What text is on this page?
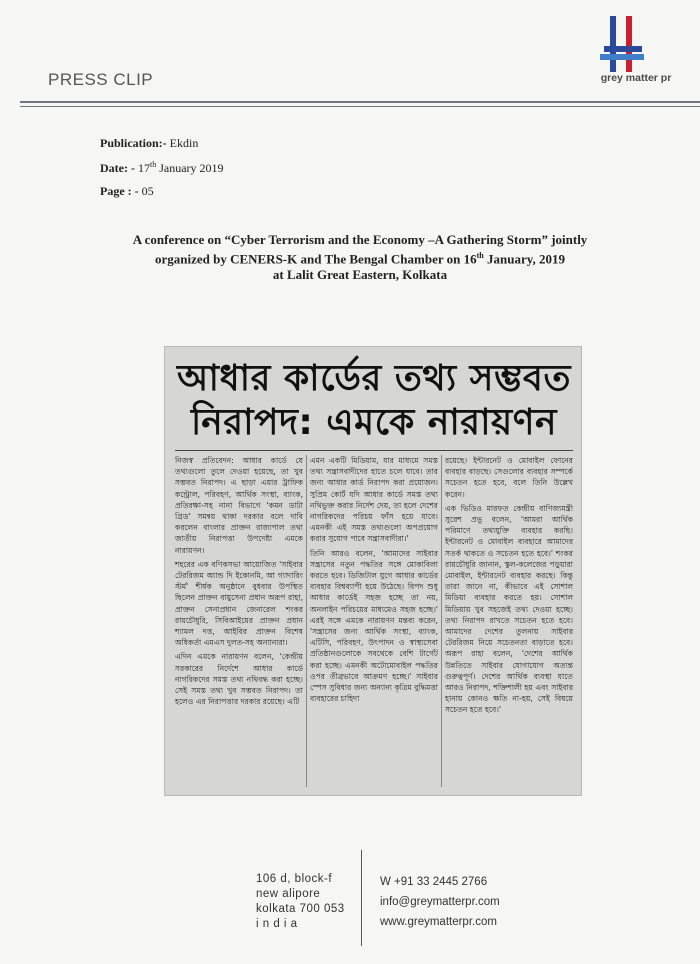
PRESS CLIP	grey matter pr
Publication:- Ekdin
Date: - 17th January 2019
Page : - 05
A conference on “Cyber Terrorism and the Economy –A Gathering Storm” jointly
organized by CENERS-K and The Bengal Chamber on 16th January, 2019
at Lalit Great Eastern, Kolkata
আধার কার্ডের তথ্য সম্ভবত
নিরাপদ: এমকে নারায়ণন

নিজস্ব প্রতিবেদন: আধার কার্ডে যে তথ্যগুলো তুলে দেওয়া হয়েছে, তা খুব সম্ভবত নিরাপদ। এ ছাড়া এয়ার ট্রাফিক কন্ট্রোল, পরিবহণ, আর্থিক সংস্থা, ব্যাংক, প্রতিরক্ষা-সহ নানা বিভাগে 'কমন ডাটা গ্রিড' সমন্বয় থাকা দরকার বলে দাবি করলেন বাংলার প্রাক্তন রাজ্যপাল তথা জাতীয় নিরাপত্তা উপদেষ্টা এমকে নারায়ণন।

শহরের এক বণিকসভা আয়োজিত 'সাইবার টেররিজম অ্যান্ড দি ইকোনমি, আ গ্যাদারিং স্টর্ম' শীর্ষক অনুষ্ঠানে বুধবার উপস্থিত ছিলেন প্রাক্তন বায়ুসেনা প্রধান অরূপ রাহা, প্রাক্তন সেনাপ্রধান জেনারেল শংকর রায়চৌধুরি, সিবিআইয়ের প্রাক্তন প্রধান শ্যামল দত্ত, আইবির প্রাক্তন বিশেষ অধিকর্তা এমএস দুলত-সহ অন্যান্যরা।

এদিন এমকে নারায়ণন বলেন, 'কেন্দ্রীয় সরকারের নির্দেশে আধার কার্ডে নাগরিকদের সমস্ত তথ্য নথিবদ্ধ করা হচ্ছে। সেই সমস্ত তথ্য খুব সম্ভবত নিরাপদ। তা হলেও এর নিরাপত্তার দরকার রয়েছে। এটি

এমন একটি মিডিয়াম, যার মাধ্যমে সমস্ত তথ্য সন্ত্রাসবাদীদের হাতে চলে যাবে। তার জন্য আধার কার্ড নিরাপদ করা প্রয়োজন। সুপ্রিম কোর্ট যদি আধার কার্ডে সমস্ত তথ্য নথিভুক্ত করার নির্দেশ দেয়, তা হলে দেশের নাগরিকদের পরিচয় ফাঁস হয়ে যাবে। এমনকী এই সমস্ত তথ্যগুলো অপপ্রয়োগ করার সুযোগ পাবে সন্ত্রাসবাদীরা।'

তিনি আরও বলেন, 'আমাদের সাইবার সন্ত্রাসের নতুন পদ্ধতির সঙ্গে মোকাবিলা করতে হবে। ডিজিটাল যুগে আধার কার্ডের ব্যবহার বিশ্বব্যাপী হয়ে উঠেছে। বিপদ শুধু আধার কার্ডেই সহজ হচ্ছে তা নয়, অনলাইন পরিচয়ের মাধ্যমেও সহজ হচ্ছে।' এরই সঙ্গে এমকে নারায়ণন মন্তব্য করেন, 'সন্ত্রাসের জন্য আর্থিক সংস্থা, ব্যাংক, এটিসি, পরিবহণ, উৎপাদন ও স্বাস্থ্যসেবা প্রতিষ্ঠানগুলোকে সবথেকে বেশি টার্গেট করা হচ্ছে। এমনকী অটোমোবাইল পদ্ধতির ওপর তীব্রভাবে আক্রমণ হচ্ছে।' সাইবার স্পেস সুবিধার জন্য অন্যান্য কৃত্রিম বুদ্ধিমত্তা ব্যবহারের চাহিদা

রয়েছে। ইন্টারনেট ও মোবাইল ফোনের ব্যবহার বাড়ছে। সেগুলোর ব্যবহার সম্পর্কে সচেতন হতে হবে, বলে তিনি উল্লেখ করেন।

এক ভিডিও মারফত কেন্দ্রীয় বাণিজ্যমন্ত্রী সুরেশ প্রভু বলেন, 'আমরা আর্থিক পরিমাণে তথ্যযুক্তি ব্যবহার করছি। ইন্টারনেট ও মোবাইল ব্যবহারে আমাদের সতর্ক থাকতে ও সচেতন হতে হবে।' শংকর রায়চৌধুরি জানান, স্কুল-কলেজের পড়ুয়ারা মোবাইল, ইন্টারনেট ব্যবহার করছে। কিন্তু তারা জানে না, কীভাবে এই সোশাল মিডিয়া ব্যবহার করতে হয়। সোশাল মিডিয়ায় খুব সহজেই তথ্য দেওয়া হচ্ছে। তথ্য নিরাপদ রাখতে সচেতন হতে হবে। আমাদের দেশের তুলনায় সাইবার টেররিজম নিয়ে সচেতনতা বাড়াতে হবে। অরূপ রাহা বলেন, 'দেশের আর্থিক উন্নতিতে সাইবার যোগাযোগ অত্যন্ত গুরুত্বপূর্ণ। দেশের আর্থিক ব্যবস্থা যাতে আরও নিরাপদ, শক্তিশালী হয় এবং সাইবার হানায় কোনও ক্ষতি না-হয়, সেই বিষয়ে সচেতন হতে হবে।'

106 d, block-f
new alipore
kolkata 700 053
i n d i a
W +91 33 2445 2766
info@greymatterpr.com
www.greymatterpr.com
